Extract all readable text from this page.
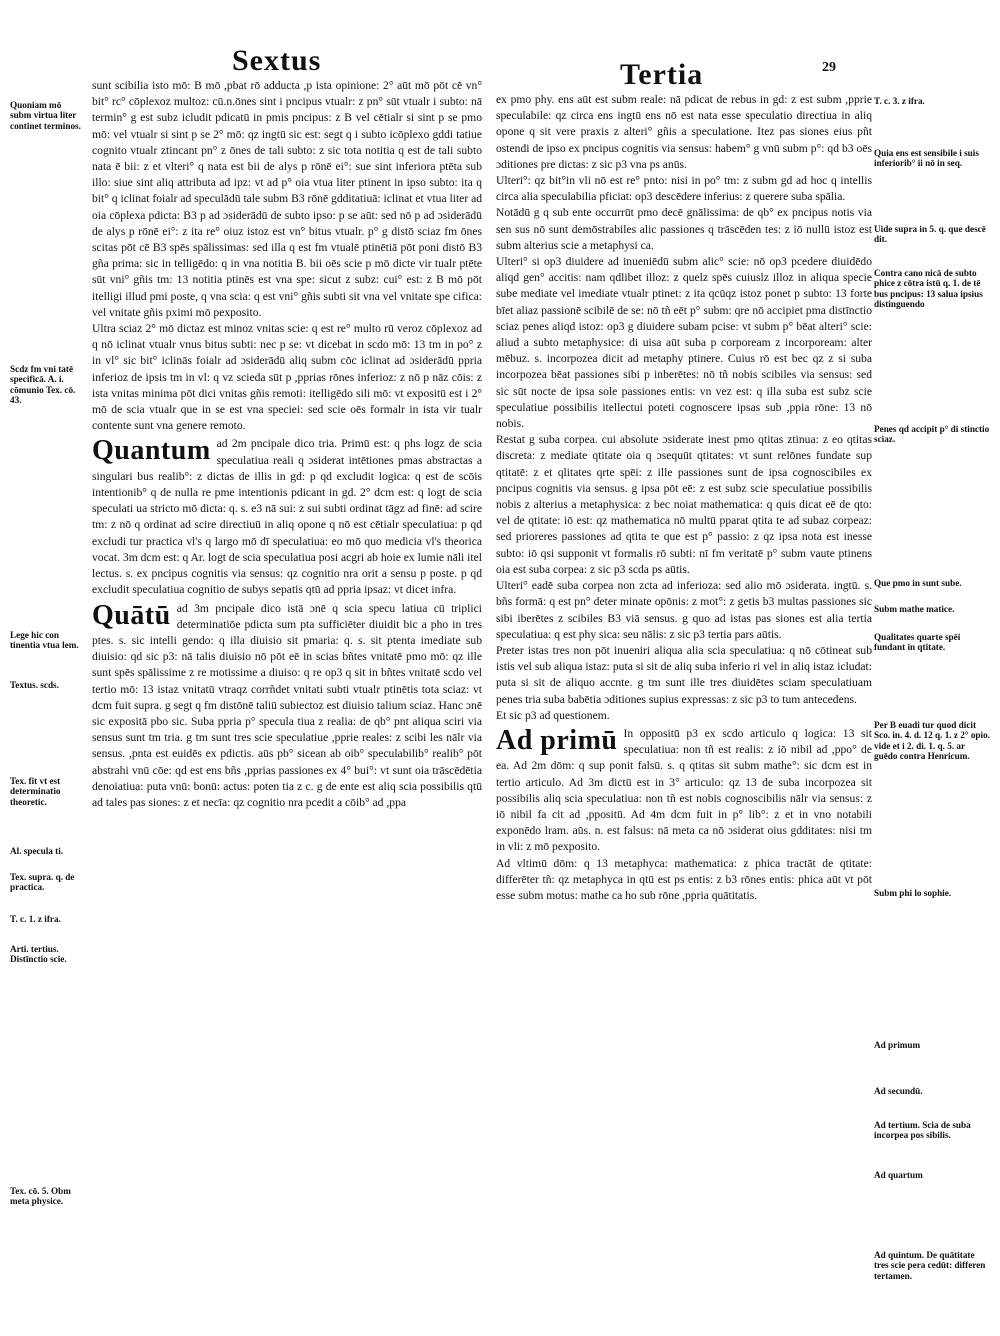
Sextus	Tertia	29

sunt scibilia isto mō: B mō ,pbat rō adducta ,p ista opinione: 2° aūt mō pōt cē vn° bit° rc° cōplexoz multoz: cū.n.ōnes sint i pncipus vtualr: z pn° sūt vtualr i subto: nā termin° g est subz icludit pdicatū in pmis pncipus: z B vel cētialr si sint p se pmo mō: vel vtualr si sint p se 2° mō: qz ingtū sic est: segt q i subto icōplexo gddi tatiue cognito vtualr ztincant pn° z ōnes de tali subto: z sic tota notitia q est de tali subto nata ē bii: z et vlteri° q nata est bii de alys p rōnē ei°: sue sint inferiora ptēta sub illo: siue sint aliq attributa ad ipz: vt ad p° oia vtua liter ptinent in ipso subto: ita q bit° q iclinat foialr ad speculādū tale subm B3 rōnē gdditatiuā: iclinat et vtua liter ad oia cōplexa pdicta: B3 p ad ɔsiderādū de subto ipso: p se aūt: sed nō p ad ɔsiderādū de alys p rōnē ei°: z ita re° oiuz istoz est vn° bitus vtualr. p° g distō sciaz fm ōnes scitas pōt cē B3 spēs spālissimas: sed illa q est fm vtualē ptinētiā pōt poni distō B3 gña prima: sic in telligēdo: q in vna notitia B. bii oēs scie p mō dicte vir tualr ptēte sūt vni° gñis tm: 13 notitia ptinēs est vna spe: sicut z subz: cui° est: z B mō pōt itelligi illud pmi poste, q vna scia: q est vni° gñis subti sit vna vel vnitate spe cifica: vel vnitate gñis pximi mō pexposito.

Ultra sciaz 2° mō dictaz est minoz vnitas scie: q est re° multo rū veroz cōplexoz ad q nō iclinat vtualr vnus bitus subti: nec p se: vt dicebat in scdo mō: 13 tm in po° z in vl° sic bit° iclinās foialr ad ɔsiderādū aliq subm cōc iclinat ad ɔsiderādū ppria inferioz de ipsis tm in vl: q vz scieda sūt p ,pprias rōnes inferioz: z nō p nāz cōis: z ista vnitas minima pōt dici vnitas gñis remoti: itelligēdo sili mō: vt expositū est i 2° mō de scia vtualr que in se est vna speciei: sed scie oēs formalr in ista vir tualr contente sunt vna genere remoto.

Quantum ad 2m pncipale dico tria. Primū est: q phs logz de scia speculatiua reali q ɔsiderat intētiones pmas abstractas a singulari bus realib°: z dictas de illis in gd: p qd excludit logica: q est de scōis intentionib° q de nulla re pme intentionis pdicant in gd. 2° dcm est: q logt de scia speculati ua stricto mō dicta: q. s. e3 nā sui: z sui subti ordinat tāgz ad finē: ad scire tm: z nō q ordinat ad scire directiuū in aliq opone q nō est cētialr speculatiua: p qd excludi tur practica vl's q largo mō dī speculatiua: eo mō quo medicia vl's theorica vocat. 3m dcm est: q Ar. logt de scia speculatiua posi acgri ab hoie ex lumie nāli itel lectus. s. ex pncipus cognitis via sensus: qz cognitio nra orit a sensu p poste. p qd excludit speculatiua cognitio de subys sepatis qtū ad ppria ipsaz: vt dicet infra.

Quātū ad 3m pncipale dico istā ɔnē q scia specu latiua cū triplici determinatiōe pdicta sum pta sufficiēter diuidit bic a pho in tres ptes. s. sic intelli gendo: q illa diuisio sit pmaria: q. s. sit ptenta imediate sub diuisio: qd sic p3: nā talis diuisio nō pōt eē in scias bñtes vnitatē pmo mō: qz ille sunt spēs spālissime z re motissime a diuiso: q re op3 q sit in bñtes vnitatē scdo vel tertio mō: 13 istaz vnitatū vtraqz corrñdet vnitati subti vtualr ptinētis tota sciaz: vt dcm fuit supra. g segt q fm distōnē taliū subiectoz est diuisio talium sciaz. Hanc ɔnē sic expositā pbo sic. Suba ppria p° specula tiua z realia: de qb° pnt aliqua sciri via sensus sunt tm tria. g tm sunt tres scie speculatiue ,pprie reales: z scibi les nālr via sensus. ,pnta est euidēs ex pdictis. aūs pb° sicean ab oib° speculabilib° realib° pōt abstrahi vnū cōe: qd est ens bñs ,pprias passiones ex 4° bui°: vt sunt oia trāscēdētia denoiatiua: puta vnū: bonū: actus: poten tia z c. g de ente est aliq scia possibilis qtū ad tales pas siones: z et necīa: qz cognitio nra pcedit a cōib° ad ,ppa

ex pmo phy. ens aūt est subm reale: nā pdicat de rebus in gd: z est subm ,pprie speculabile: qz circa ens ingtū ens nō est nata esse speculatio directiua in aliq opone q sit vere praxis z alteri° gñis a speculatione. Itez pas siones eius pñt ostendi de ipso ex pncipus cognitis via sensus: habem° g vnū subm p°: qd b3 oēs ɔditiones pre dictas: z sic p3 vna ps anūs.

Ulteri°: qz bit°in vli nō est re° pnto: nisi in po° tm: z subm gd ad hoc q intellis circa alia speculabilia pficiat: op3 descēdere inferius: z querere suba spālia.

Notādū g q sub ente occurrūt pmo decē gnālissima: de qb° ex pncipus notis via sen sus nō sunt demōstrabiles alic passiones q trāscēden tes: z iō nullū istoz est subm alterius scie a metaphysi ca.

Ulteri° si op3 diuidere ad inueniēdū subm alic° scie: nō op3 pcedere diuidēdo aliqd gen° accitis: nam qdlibet illoz: z quelz spēs cuiuslz illoz in aliqua specie sube mediate vel imediate vtualr ptinet: z ita qcūqz istoz ponet p subto: 13 forte bīet aliaz passionē scibilē de se: nō tñ eēt p° subm: qre nō accipiet pma distīnctio sciaz penes aliqd istoz: op3 g diuidere subam pcise: vt subm p° bēat alteri° scie: aliud a subto metaphysice: di uisa aūt suba p corpoream z incorpoream: alter mēbuz. s. incorpozea dicit ad metaphy ptinere. Cuius rō est bec qz z si suba incorpozea bēat passiones sibi p inberētes: nō tñ nobis scibiles via sensus: sed sic sūt nocte de ipsa sole passiones entis: vn vez est: q illa suba est subz scie speculatiue possibilis itellectui poteti cognoscere ipsas sub ,ppia rōne: 13 nō nobis.

Restat g suba corpea. cui absolute ɔsiderate inest pmo qtitas ztinua: z eo qtitas discreta: z mediate qtitate oia q ɔsequūt qtitates: vt sunt relōnes fundate sup qtitatē: z et qlitates qrte spēi: z ille passiones sunt de ipsa cognoscibiles ex pncipus cognitis via sensus. g ipsa pōt eē: z est subz scie speculatiue possibilis nobis z alterius a metaphysica: z bec noiat mathematica: q quis dicat eē de qto: vel de qtitate: iō est: qz mathematica nō multū pparat qtita te ad subaz corpeaz: sed prioreres passiones ad qtita te que est p° passio: z qz ipsa nota est inesse subto: iō qsi supponit vt formalis rō subti: nī fm veritatē p° subm vaute ptinens oia est suba corpea: z sic p3 scda ps aūtis.

Ulteri° eadē suba corpea non zcta ad inferioza: sed alio mō ɔsiderata. ingtū. s. bñs formā: q est pn° deter minate opōnis: z mot°: z getis b3 multas passiones sic sibi iberētes z scibiles B3 viā sensus. g quo ad istas pas siones est alia tertia speculatiua: q est phy sica: seu nālis: z sic p3 tertia pars aūtis.

Preter istas tres non pōt inueniri aliqua alia scia speculatiua: q nō cōtineat sub istis vel sub aliqua istaz: puta si sit de aliq suba inferio ri vel in aliq istaz icludat: puta si sit de aliquo accnte. g tm sunt ille tres diuidētes sciam speculatiuam penes tria suba babētia ɔditiones supius expressas: z sic p3 to tum antecedens.

Et sic p3 ad questionem.

Ad primū In oppositū p3 ex scdo articulo q logica: 13 sit speculatiua: non tñ est realis: z iō nibil ad ,ppo° de ea. Ad 2m dōm: q sup ponit falsū. s. q qtitas sit subm mathe°: sic dcm est in tertio articulo. Ad 3m dictū est in 3° articulo: qz 13 de suba incorpozea sit possibilis aliq scia speculatiua: non tñ est nobis cognoscibilis nālr via sensus: z iō nibil fa cit ad ,ppositū. Ad 4m dcm fuit in p° lib°: z et in vno notabili exponēdo lram. aūs. n. est falsus: nā meta ca nō ɔsiderat oius gdditates: nisi tm in vli: z mō pexposito.

Ad vltimū dōm: q 13 metaphyca: mathematica: z phica tractāt de qtitate: differēter tñ: qz metaphyca in qtū est ps entis: z b3 rōnes entis: phica aūt vt pōt esse subm motus: mathe ca ho sub rōne ,ppria quātitatis.

Quoniam mō subm virtua liter continet terminos.
Scdz fm vni tatē specificā. A. i. cōmunio Tex. cō. 43.
Lege hic con tinentia vtua lem.
Textus. scds.
Tex. fit vt est determinatio theoretic.
Al. specula ti.
Tex. supra. q. de practica.
T. c. 1. z ifra.
Arti. tertius. Distīnctio scie.
Tex. cō. 5. Obm meta physice.
T. c. 3. z ifra.
Quia ens est sensibile i suis inferiorib° ii nō in seq.
Uide supra in 5. q. que descē dit.
Contra cano nicā de subto phice z cōtra istū q. 1. de tē bus pncipus: 13 salua ipsius distinguendo
Penes qd accipit p° di stinctio sciaz.
Que pmo in sunt sube.
Subm mathe matice.
Qualitates quarte spēi fundant in qtitate.
Per B euadi tur quod dicit Sco. in. 4. d. 12 q. 1. z 2° opio. vide et i 2. di. 1. q. 5. ar guēdo contra Henricum.
Subm phi lo sophie.
Ad primum
Ad secundū.
Ad tertium. Scia de suba incorpea pos sibilis.
Ad quartum
Ad quintum. De quātitate tres scie pera cedūt: differen tertamen.
